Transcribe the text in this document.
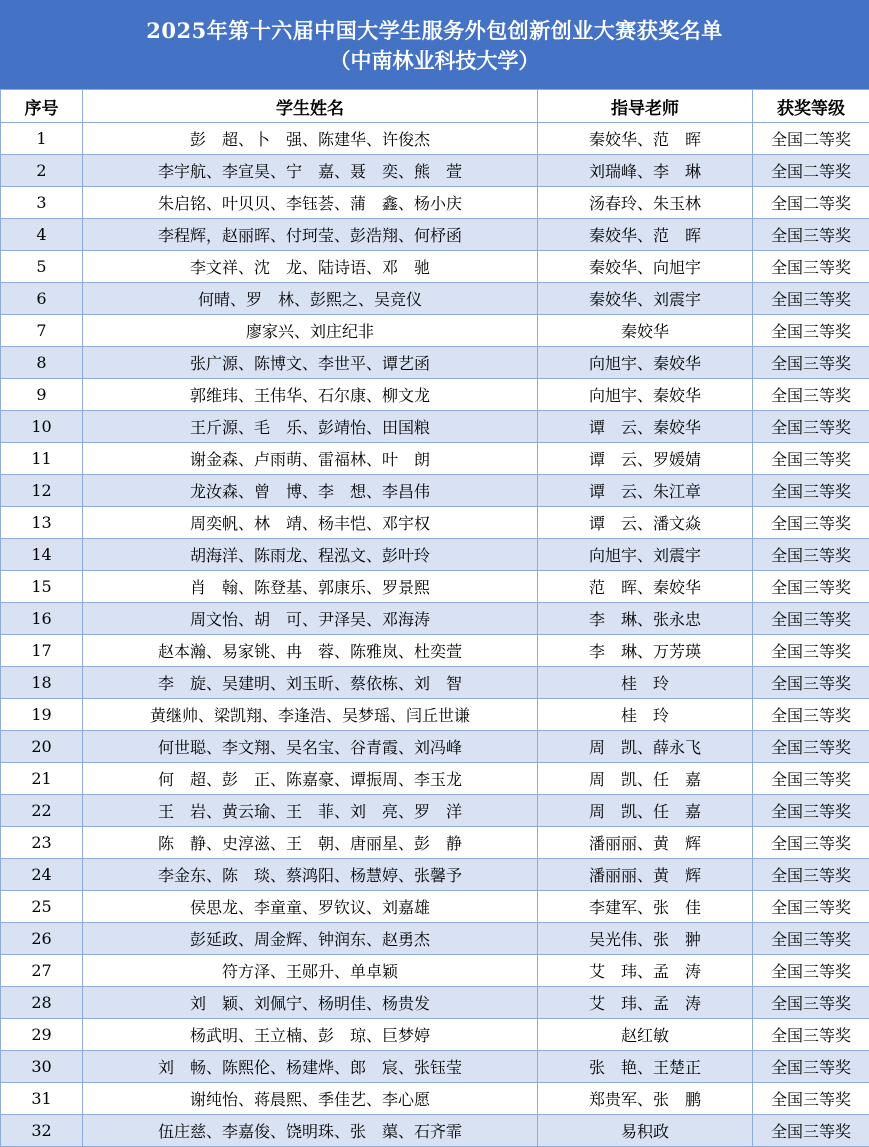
2025年第十六届中国大学生服务外包创新创业大赛获奖名单
（中南林业科技大学）
序号	学生姓名	指导老师	获奖等级
1	彭　超、卜　强、陈建华、许俊杰	秦姣华、范　晖	全国二等奖
2	李宇航、李宣昊、宁　嘉、聂　奕、熊　萱	刘瑞峰、李　琳	全国二等奖
3	朱启铭、叶贝贝、李钰荟、蒲　鑫、杨小庆	汤春玲、朱玉林	全国二等奖
4	李程辉，赵丽晖、付珂莹、彭浩翔、何杼函	秦姣华、范　晖	全国三等奖
5	李文祥、沈　龙、陆诗语、邓　驰	秦姣华、向旭宇	全国三等奖
6	何晴、罗　林、彭熙之、吴竞仪	秦姣华、刘震宇	全国三等奖
7	廖家兴、刘庄纪非	秦姣华	全国三等奖
8	张广源、陈博文、李世平、谭艺函	向旭宇、秦姣华	全国三等奖
9	郭维玮、王伟华、石尔康、柳文龙	向旭宇、秦姣华	全国三等奖
10	王斤源、毛　乐、彭靖怡、田国粮	谭　云、秦姣华	全国三等奖
11	谢金森、卢雨萌、雷福林、叶　朗	谭　云、罗媛婧	全国三等奖
12	龙汝森、曾　博、李　想、李昌伟	谭　云、朱江章	全国三等奖
13	周奕帆、林　靖、杨丰恺、邓宇权	谭　云、潘文焱	全国三等奖
14	胡海洋、陈雨龙、程泓文、彭叶玲	向旭宇、刘震宇	全国三等奖
15	肖　翰、陈登基、郭康乐、罗景熙	范　晖、秦姣华	全国三等奖
16	周文怡、胡　可、尹泽吴、邓海涛	李　琳、张永忠	全国三等奖
17	赵本瀚、易家铫、冉　蓉、陈雅岚、杜奕萱	李　琳、万芳瑛	全国三等奖
18	李　旋、吴建明、刘玉昕、蔡依栋、刘　智	桂　玲	全国三等奖
19	黄继帅、梁凯翔、李逢浩、吴梦瑶、闫丘世谦	桂　玲	全国三等奖
20	何世聪、李文翔、吴名宝、谷青霞、刘冯峰	周　凯、薛永飞	全国三等奖
21	何　超、彭　正、陈嘉豪、谭振周、李玉龙	周　凯、任　嘉	全国三等奖
22	王　岩、黄云瑜、王　菲、刘　亮、罗　洋	周　凯、任　嘉	全国三等奖
23	陈　静、史淳滋、王　朝、唐丽星、彭　静	潘丽丽、黄　辉	全国三等奖
24	李金东、陈　琰、蔡鸿阳、杨慧婷、张馨予	潘丽丽、黄　辉	全国三等奖
25	侯思龙、李童童、罗钦议、刘嘉雄	李建军、张　佳	全国三等奖
26	彭延政、周金辉、钟润东、赵勇杰	吴光伟、张　翀	全国三等奖
27	符方泽、王郧升、单卓颖	艾　玮、孟　涛	全国三等奖
28	刘　颖、刘佩宁、杨明佳、杨贵发	艾　玮、孟　涛	全国三等奖
29	杨武明、王立楠、彭　琼、巨梦婷	赵红敏	全国三等奖
30	刘　畅、陈熙伦、杨建烨、郎　宸、张钰莹	张　艳、王楚正	全国三等奖
31	谢纯怡、蒋晨熙、季佳艺、李心愿	郑贵军、张　鹏	全国三等奖
32	伍庄慈、李嘉俊、饶明珠、张　蕖、石齐霏	易积政	全国三等奖
